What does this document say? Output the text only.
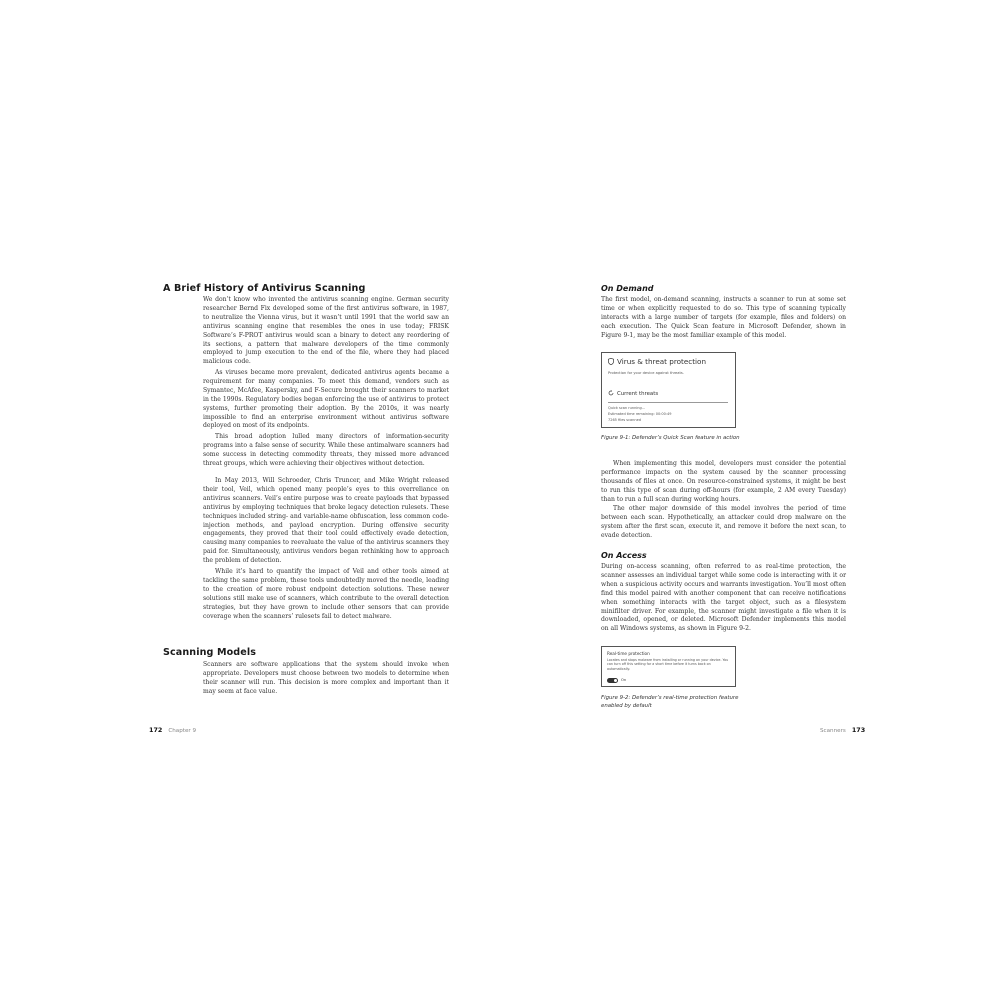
A Brief History of Antivirus Scanning

We don’t know who invented the antivirus scanning engine. German security researcher Bernd Fix developed some of the first antivirus software, in 1987, to neutralize the Vienna virus, but it wasn’t until 1991 that the world saw an antivirus scanning engine that resembles the ones in use today; FRISK Software’s F-PROT antivirus would scan a binary to detect any reordering of its sections, a pattern that malware developers of the time commonly employed to jump execution to the end of the file, where they had placed malicious code.

As viruses became more prevalent, dedicated antivirus agents became a requirement for many companies. To meet this demand, vendors such as Symantec, McAfee, Kaspersky, and F-Secure brought their scanners to market in the 1990s. Regulatory bodies began enforcing the use of antivirus to protect systems, further promoting their adoption. By the 2010s, it was nearly impossible to find an enterprise environment without antivirus software deployed on most of its endpoints.

This broad adoption lulled many directors of information-security programs into a false sense of security. While these antimalware scanners had some success in detecting commodity threats, they missed more advanced threat groups, which were achieving their objectives without detection.

In May 2013, Will Schroeder, Chris Truncer, and Mike Wright released their tool, Veil, which opened many people’s eyes to this overreliance on antivirus scanners. Veil’s entire purpose was to create payloads that bypassed antivirus by employing techniques that broke legacy detection rulesets. These techniques included string- and variable-name obfuscation, less common code-injection methods, and payload encryption. During offensive security engagements, they proved that their tool could effectively evade detection, causing many companies to reevaluate the value of the antivirus scanners they paid for. Simultaneously, antivirus vendors began rethinking how to approach the problem of detection.

While it’s hard to quantify the impact of Veil and other tools aimed at tackling the same problem, these tools undoubtedly moved the needle, leading to the creation of more robust endpoint detection solutions. These newer solutions still make use of scanners, which contribute to the overall detection strategies, but they have grown to include other sensors that can provide coverage when the scanners’ rulesets fail to detect malware.

Scanning Models

Scanners are software applications that the system should invoke when appropriate. Developers must choose between two models to determine when their scanner will run. This decision is more complex and important than it may seem at face value.

172 Chapter 9
On Demand

The first model, on-demand scanning, instructs a scanner to run at some set time or when explicitly requested to do so. This type of scanning typically interacts with a large number of targets (for example, files and folders) on each execution. The Quick Scan feature in Microsoft Defender, shown in Figure 9-1, may be the most familiar example of this model.

Virus & threat protection
Protection for your device against threats.
Current threats
Quick scan running...
Estimated time remaining: 00:00:49
7265 files scanned

Figure 9-1: Defender’s Quick Scan feature in action

When implementing this model, developers must consider the potential performance impacts on the system caused by the scanner processing thousands of files at once. On resource-constrained systems, it might be best to run this type of scan during off-hours (for example, 2 AM every Tuesday) than to run a full scan during working hours.

The other major downside of this model involves the period of time between each scan. Hypothetically, an attacker could drop malware on the system after the first scan, execute it, and remove it before the next scan, to evade detection.

On Access

During on-access scanning, often referred to as real-time protection, the scanner assesses an individual target while some code is interacting with it or when a suspicious activity occurs and warrants investigation. You’ll most often find this model paired with another component that can receive notifications when something interacts with the target object, such as a filesystem minifilter driver. For example, the scanner might investigate a file when it is downloaded, opened, or deleted. Microsoft Defender implements this model on all Windows systems, as shown in Figure 9-2.

Real-time protection
Locates and stops malware from installing or running on your device. You can turn off this setting for a short time before it turns back on automatically.
On

Figure 9-2: Defender’s real-time protection feature enabled by default

Scanners 173
